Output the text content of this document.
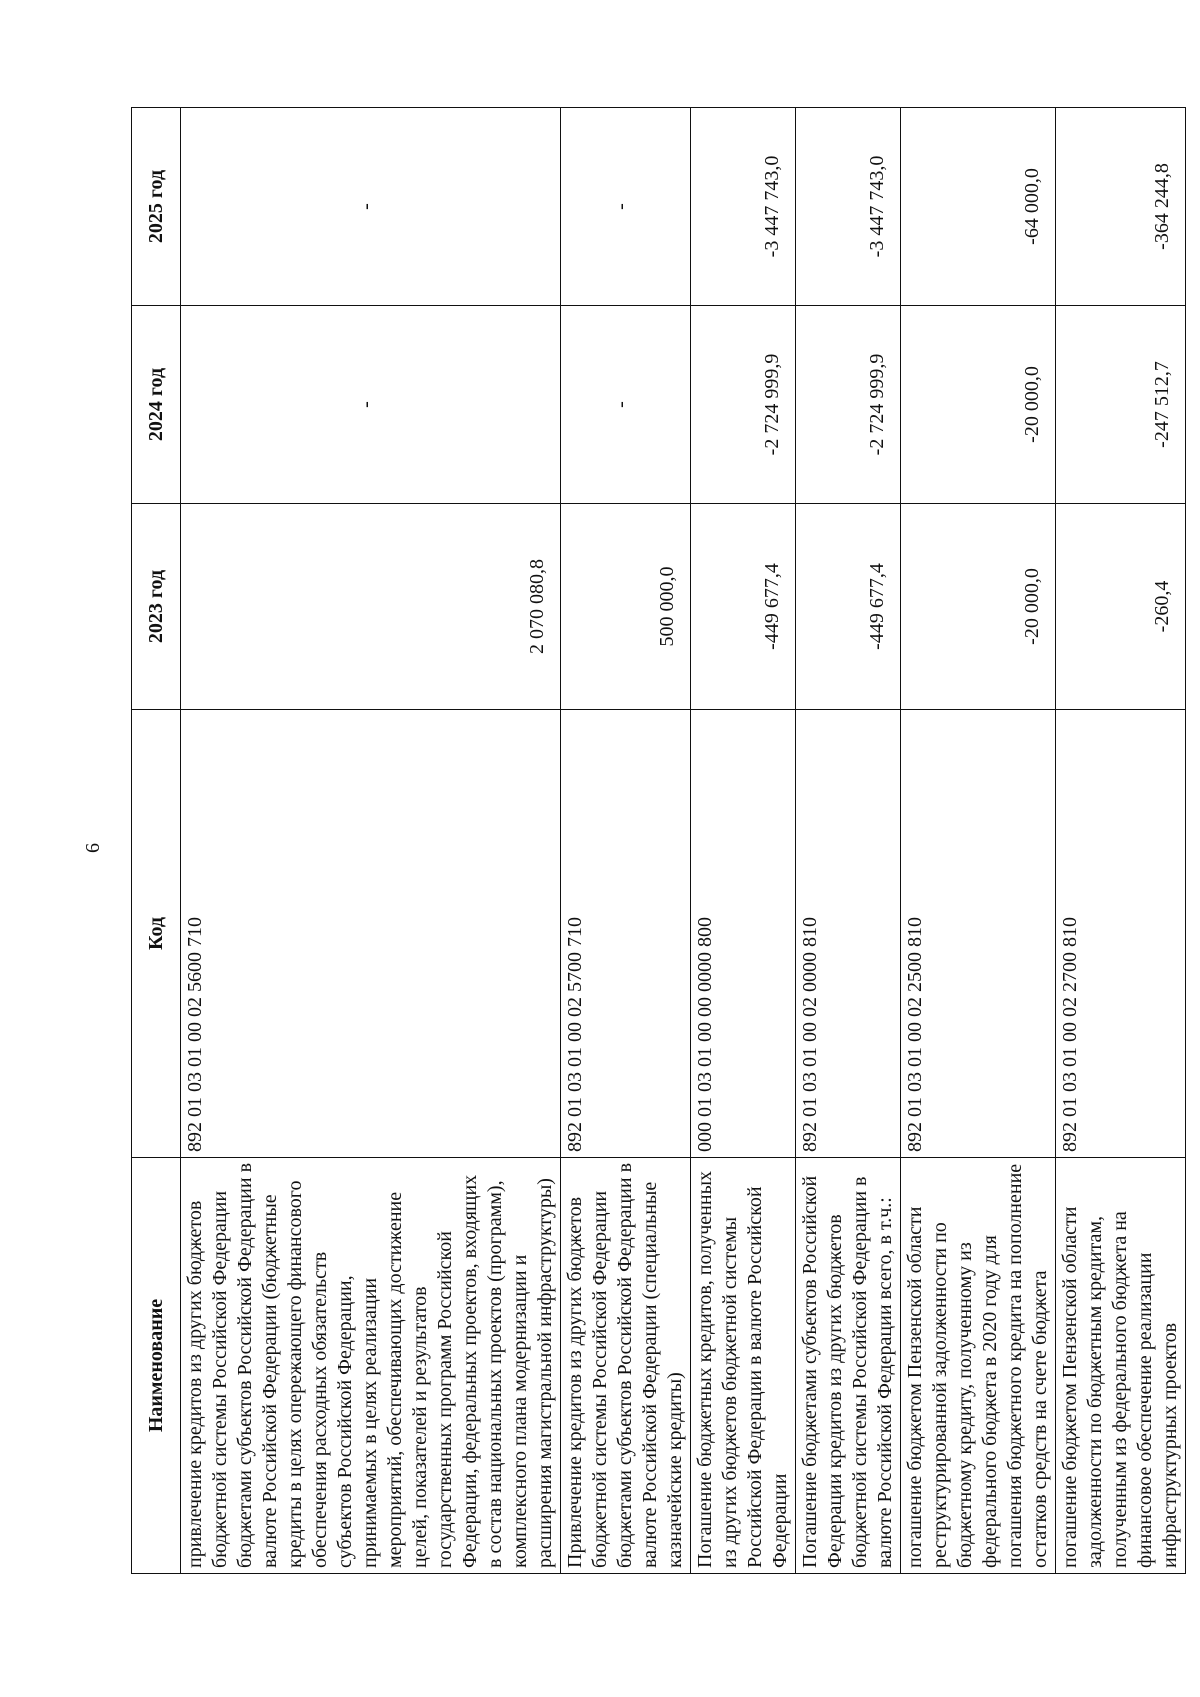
6
Наименование	Код	2023 год	2024 год	2025 год
привлечение кредитов из других бюджетов бюджетной системы Российской Федерации бюджетами субъектов Российской Федерации в валюте Российской Федерации (бюджетные кредиты в целях опережающего финансового обеспечения расходных обязательств субъектов Российской Федерации, принимаемых в целях реализации мероприятий, обеспечивающих достижение целей, показателей и результатов государственных программ Российской Федерации, федеральных проектов, входящих в состав национальных проектов (программ), комплексного плана модернизации и расширения магистральной инфраструктуры)	892 01 03 01 00 02 5600 710	2 070 080,8	-	-
Привлечение кредитов из других бюджетов бюджетной системы Российской Федерации бюджетами субъектов Российской Федерации в валюте Российской Федерации (специальные казначейские кредиты)	892 01 03 01 00 02 5700 710	500 000,0	-	-
Погашение бюджетных кредитов, полученных из других бюджетов бюджетной системы Российской Федерации в валюте Российской Федерации	000 01 03 01 00 00 0000 800	-449 677,4	-2 724 999,9	-3 447 743,0
Погашение бюджетами субъектов Российской Федерации кредитов из других бюджетов бюджетной системы Российской Федерации в валюте Российской Федерации всего, в т.ч.:	892 01 03 01 00 02 0000 810	-449 677,4	-2 724 999,9	-3 447 743,0
погашение бюджетом Пензенской области реструктурированной задолженности по бюджетному кредиту, полученному из федерального бюджета в 2020 году для погашения бюджетного кредита на пополнение остатков средств на счете бюджета	892 01 03 01 00 02 2500 810	-20 000,0	-20 000,0	-64 000,0
погашение бюджетом Пензенской области задолженности по бюджетным кредитам, полученным из федерального бюджета на финансовое обеспечение реализации инфраструктурных проектов	892 01 03 01 00 02 2700 810	-260,4	-247 512,7	-364 244,8
